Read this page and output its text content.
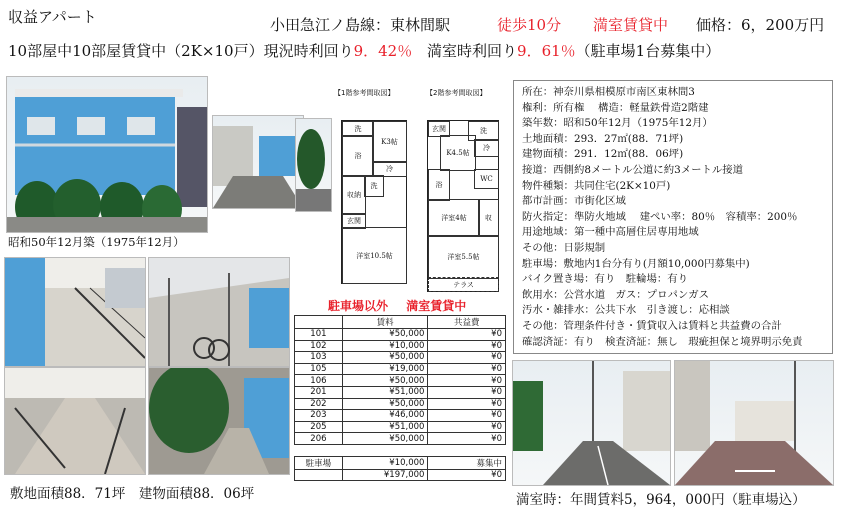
収益アパート	小田急江ノ島線：東林間駅	徒歩10分 満室賃貸中 価格：6，200万円
10部屋中10部屋賃貸中（2K×10戸）現況時利回り9．42％ 満室時利回り9．61％（駐車場1台募集中）
昭和50年12月築（1975年12月）
敷地面積88．71坪　建物面積88．06坪
【1階参考間取図】	【2階参考間取図】
洗
K3帖
冷
浴
収納
洗
玄関
洋室10.5帖
洗
玄関
K4.5帖
冷
浴
WC
洋室4帖	収
洋室5.5帖
テラス
駐車場以外 満室賃貸中
	賃料	共益費
101	¥50,000	¥0
102	¥10,000	¥0
103	¥50,000	¥0
105	¥19,000	¥0
106	¥50,000	¥0
201	¥51,000	¥0
202	¥50,000	¥0
203	¥46,000	¥0
205	¥51,000	¥0
206	¥50,000	¥0

駐車場	¥10,000	募集中
	¥197,000	¥0
所在：神奈川県相模原市南区東林間3
権利：所有権　 構造：軽量鉄骨造2階建
築年数：昭和50年12月（1975年12月）
土地面積：293．27㎡(88．71坪)
建物面積：291．12㎡(88．06坪)
接道：西側約8メートル公道に約3メートル接道
物件種類：共同住宅(2K×10戸)
都市計画：市街化区域
防火指定：準防火地域　 建ぺい率：80％　容積率：200％
用途地域：第一種中高層住居専用地域
その他：日影規制
駐車場：敷地内1台分有り(月額10,000円募集中)
バイク置き場：有り　駐輪場：有り
飲用水：公営水道　ガス：プロパンガス
汚水・雑排水：公共下水　引き渡し：応相談
その他：管理条件付き・賃貸収入は賃料と共益費の合計
確認済証：有り　検査済証：無し　瑕疵担保と境界明示免責
満室時：年間賃料5，964，000円（駐車場込）
